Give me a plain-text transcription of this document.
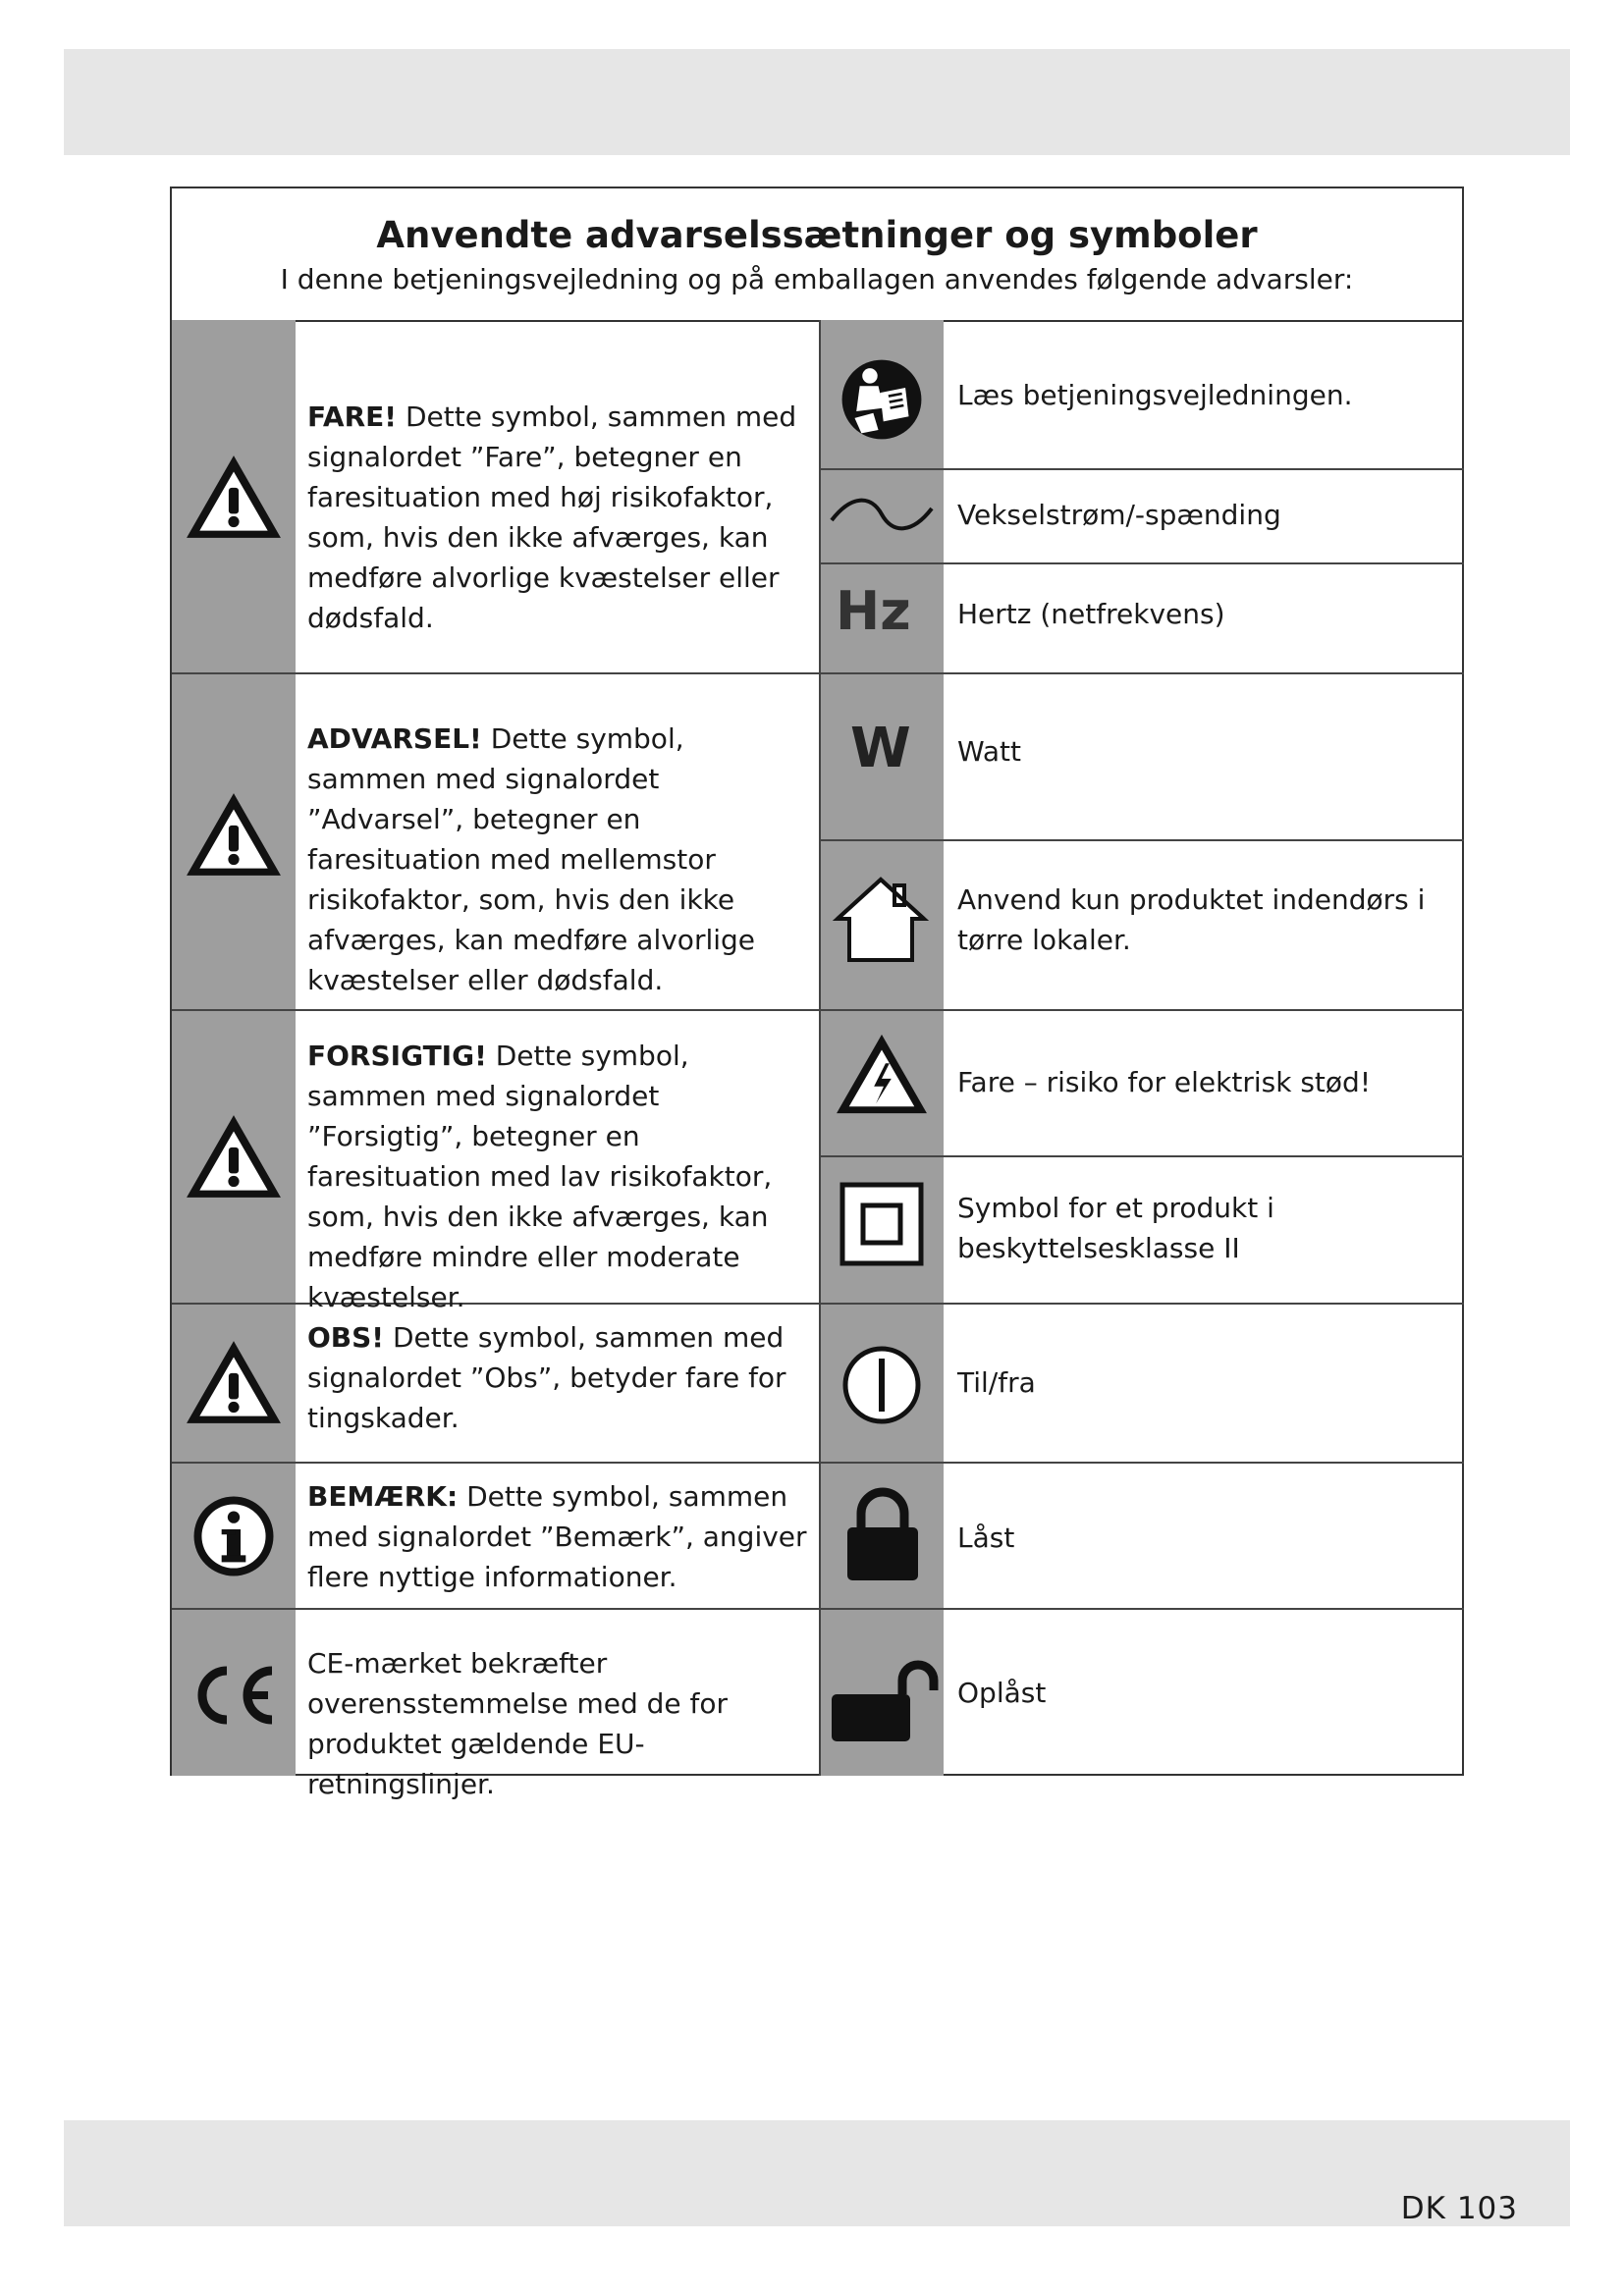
Anvendte advarselssætninger og symboler
I denne betjeningsvejledning og på emballagen anvendes følgende advarsler:
FARE! Dette symbol, sammen med signalordet ”Fare”, betegner en faresituation med høj risikofaktor, som, hvis den ikke afværges, kan medføre alvorlige kvæstelser eller dødsfald.
ADVARSEL! Dette symbol, sammen med signalordet ”Advarsel”, betegner en faresituation med mellemstor risikofaktor, som, hvis den ikke afværges, kan medføre alvorlige kvæstelser eller dødsfald.
FORSIGTIG! Dette symbol, sammen med signalordet ”Forsigtig”, betegner en faresituation med lav risikofaktor, som, hvis den ikke afværges, kan medføre mindre eller moderate kvæstelser.
OBS! Dette symbol, sammen med signalordet ”Obs”, betyder fare for tingskader.
BEMÆRK: Dette symbol, sammen med signalordet ”Bemærk”, angiver flere nyttige informationer.
CE-mærket bekræfter overensstemmelse med de for produktet gældende EU-retningslinjer.
Hz
W
Læs betjeningsvejledningen.
Vekselstrøm/-spænding
Hertz (netfrekvens)
Watt
Anvend kun produktet indendørs i tørre lokaler.
Fare – risiko for elektrisk stød!
Symbol for et produkt i beskyttelsesklasse II
Til/fra
Låst
Oplåst
DK 103
